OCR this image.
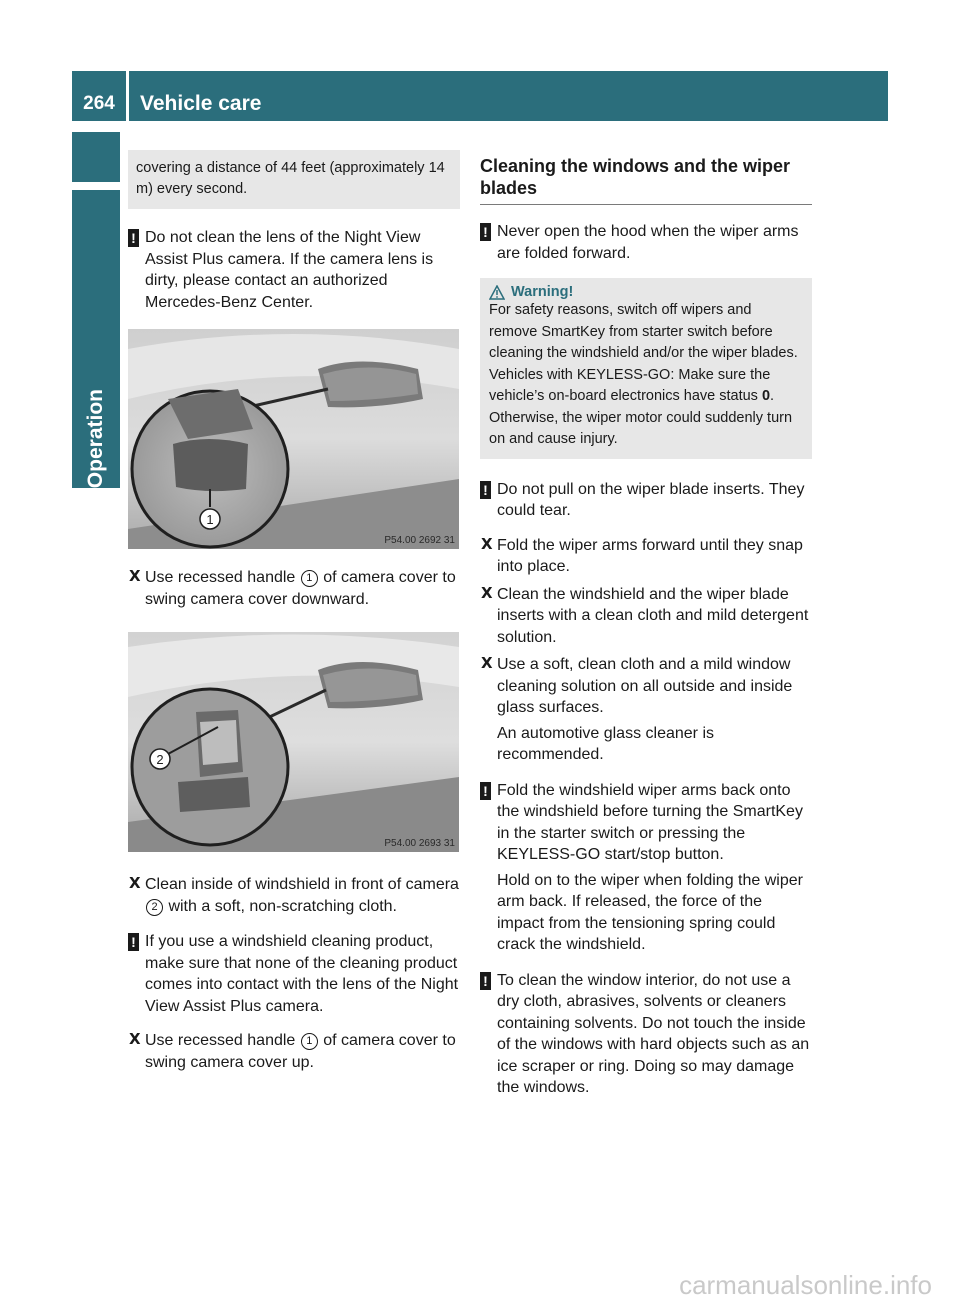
264	Vehicle care
Operation

covering a distance of 44 feet (approximately 14 m) every second.

! Do not clean the lens of the Night View Assist Plus camera. If the camera lens is dirty, please contact an authorized Mercedes-Benz Center.

1
P54.00 2692 31
X Use recessed handle 1 of camera cover to swing camera cover downward.

2
P54.00 2693 31
X Clean inside of windshield in front of camera 2 with a soft, non-scratching cloth.

! If you use a windshield cleaning product, make sure that none of the cleaning product comes into contact with the lens of the Night View Assist Plus camera.

X Use recessed handle 1 of camera cover to swing camera cover up.

Cleaning the windows and the wiper blades
! Never open the hood when the wiper arms are folded forward.

Warning!

For safety reasons, switch off wipers and remove SmartKey from starter switch before cleaning the windshield and/or the wiper blades. Vehicles with KEYLESS-GO: Make sure the vehicle’s on-board electronics have status 0. Otherwise, the wiper motor could suddenly turn on and cause injury.

! Do not pull on the wiper blade inserts. They could tear.

X Fold the wiper arms forward until they snap into place.

X Clean the windshield and the wiper blade inserts with a clean cloth and mild detergent solution.

X Use a soft, clean cloth and a mild window cleaning solution on all outside and inside glass surfaces.

An automotive glass cleaner is recommended.

! Fold the windshield wiper arms back onto the windshield before turning the SmartKey in the starter switch or pressing the KEYLESS-GO start/stop button.

Hold on to the wiper when folding the wiper arm back. If released, the force of the impact from the tensioning spring could crack the windshield.

! To clean the window interior, do not use a dry cloth, abrasives, solvents or cleaners containing solvents. Do not touch the inside of the windows with hard objects such as an ice scraper or ring. Doing so may damage the windows.

carmanualsonline.info
